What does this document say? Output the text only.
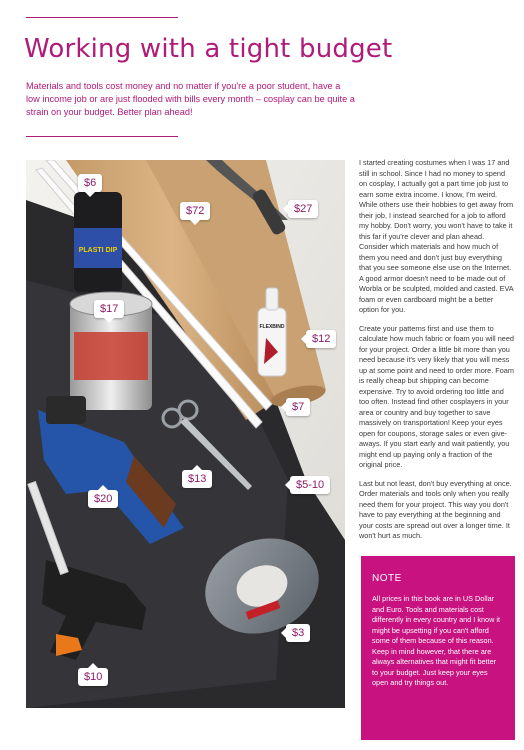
Working with a tight budget

Materials and tools cost money and no matter if you're a poor student, have a low income job or are just flooded with bills every month – cosplay can be quite a strain on your budget. Better plan ahead!

PLASTI DIP
FLEXBIND
$6
$72	$27
$17
$12
$7
$13	$5-10
$20
$3
$10

I started creating costumes when I was 17 and still in school. Since I had no money to spend on cosplay, I actually got a part time job just to earn some extra income. I know, I'm weird. While others use their hobbies to get away from their job, I instead searched for a job to afford my hobby. Don't worry, you won't have to take it this far if you're clever and plan ahead. Consider which materials and how much of them you need and don't just buy everything that you see someone else use on the Internet. A good armor doesn't need to be made out of Worbla or be sculpted, molded and casted. EVA foam or even cardboard might be a better option for you.

Create your patterns first and use them to calculate how much fabric or foam you will need for your project. Order a little bit more than you need because it's very likely that you will mess up at some point and need to order more. Foam is really cheap but shipping can become expensive. Try to avoid ordering too little and too often. Instead find other cosplayers in your area or country and buy together to save massively on transportation! Keep your eyes open for coupons, storage sales or even give-aways. If you start early and wait patiently, you might end up paying only a fraction of the original price.

Last but not least, don't buy everything at once. Order materials and tools only when you really need them for your project. This way you don't have to pay everything at the beginning and your costs are spread out over a longer time. It won't hurt as much.

NOTE

All prices in this book are in US Dollar and Euro. Tools and materials cost differently in every country and I know it might be upsetting if you can't afford some of them because of this reason. Keep in mind however, that there are always alternatives that might fit better to your budget. Just keep your eyes open and try things out.
